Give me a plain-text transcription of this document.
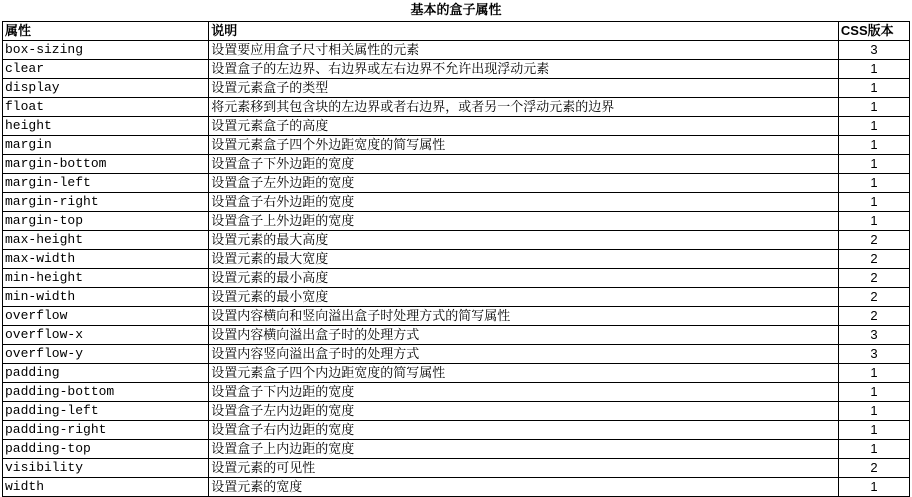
基本的盒子属性
属性	说明	CSS版本
box-sizing	设置要应用盒子尺寸相关属性的元素	3
clear	设置盒子的左边界、右边界或左右边界不允许出现浮动元素	1
display	设置元素盒子的类型	1
float	将元素移到其包含块的左边界或者右边界，或者另一个浮动元素的边界	1
height	设置元素盒子的高度	1
margin	设置元素盒子四个外边距宽度的简写属性	1
margin-bottom	设置盒子下外边距的宽度	1
margin-left	设置盒子左外边距的宽度	1
margin-right	设置盒子右外边距的宽度	1
margin-top	设置盒子上外边距的宽度	1
max-height	设置元素的最大高度	2
max-width	设置元素的最大宽度	2
min-height	设置元素的最小高度	2
min-width	设置元素的最小宽度	2
overflow	设置内容横向和竖向溢出盒子时处理方式的简写属性	2
overflow-x	设置内容横向溢出盒子时的处理方式	3
overflow-y	设置内容竖向溢出盒子时的处理方式	3
padding	设置元素盒子四个内边距宽度的简写属性	1
padding-bottom	设置盒子下内边距的宽度	1
padding-left	设置盒子左内边距的宽度	1
padding-right	设置盒子右内边距的宽度	1
padding-top	设置盒子上内边距的宽度	1
visibility	设置元素的可见性	2
width	设置元素的宽度	1
